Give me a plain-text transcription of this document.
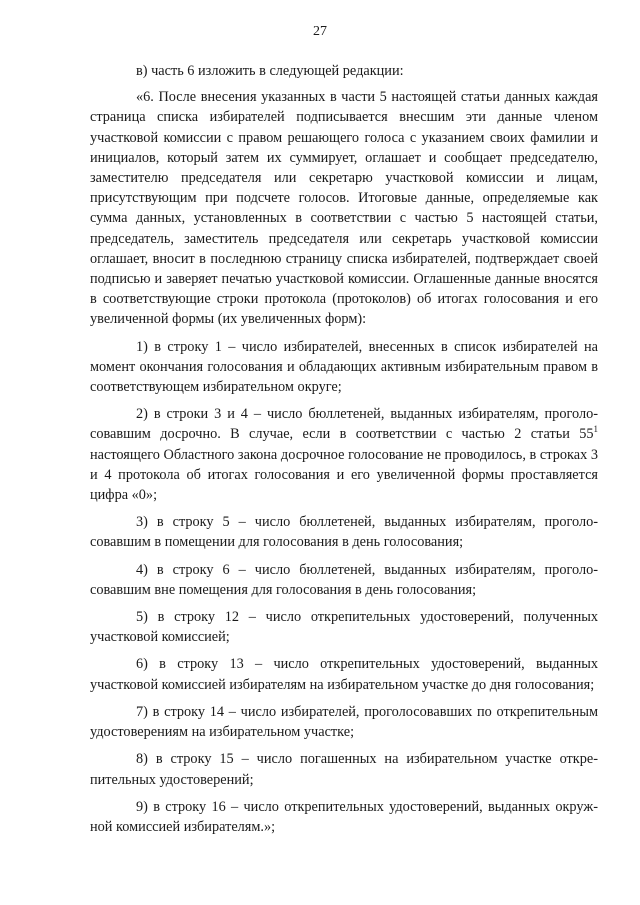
27

в) часть 6 изложить в следующей редакции:

«6. После внесения указанных в части 5 настоящей статьи данных каждая страница списка избирателей подписывается внесшим эти данные членом участковой комиссии с правом решающего голоса с указанием своих фамилии и инициалов, который затем их суммирует, оглашает и сообщает председателю, заместителю председателя или секретарю участковой комиссии и лицам, присутствующим при подсчете голосов. Итоговые данные, определяемые как сумма данных, установленных в соответствии с частью 5 настоящей статьи, председатель, заместитель председателя или секретарь участковой комиссии оглашает, вносит в последнюю страницу списка избирателей, подтверждает своей подписью и заверяет печатью участковой комиссии. Оглашенные данные вносятся в соответствующие строки протокола (протоколов) об итогах голосования и его увеличенной формы (их увеличенных форм):

1) в строку 1 – число избирателей, внесенных в список избирателей на момент окончания голосования и обладающих активным избирательным правом в соответствующем избирательном округе;

2) в строки 3 и 4 – число бюллетеней, выданных избирателям, проголосовавшим досрочно. В случае, если в соответствии с частью 2 статьи $55^1$ настоящего Областного закона досрочное голосование не проводилось, в строках 3 и 4 протокола об итогах голосования и его увеличенной формы проставляется цифра «0»;

3) в строку 5 – число бюллетеней, выданных избирателям, проголосовавшим в помещении для голосования в день голосования;

4) в строку 6 – число бюллетеней, выданных избирателям, проголосовавшим вне помещения для голосования в день голосования;

5) в строку 12 – число открепительных удостоверений, полученных участковой комиссией;

6) в строку 13 – число открепительных удостоверений, выданных участковой комиссией избирателям на избирательном участке до дня голосования;

7) в строку 14 – число избирателей, проголосовавших по открепительным удостоверениям на избирательном участке;

8) в строку 15 – число погашенных на избирательном участке открепительных удостоверений;

9) в строку 16 – число открепительных удостоверений, выданных окружной комиссией избирателям.»;
